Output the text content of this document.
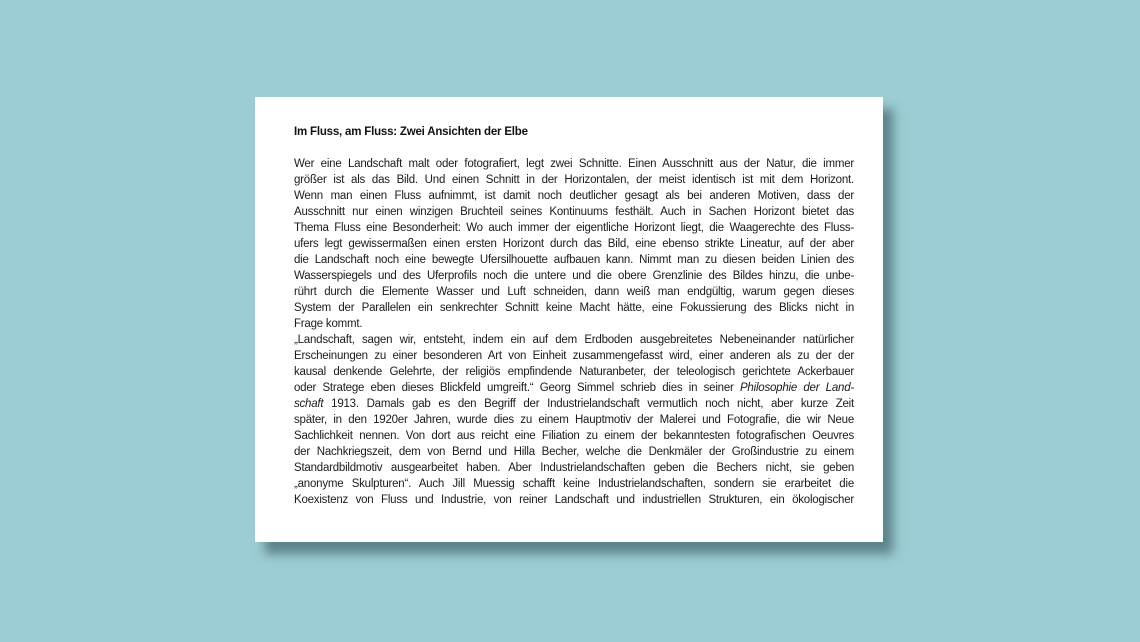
Im Fluss, am Fluss: Zwei Ansichten der Elbe
Wer eine Landschaft malt oder fotografiert, legt zwei Schnitte. Einen Ausschnitt aus der Natur, die immer
größer ist als das Bild. Und einen Schnitt in der Horizontalen, der meist identisch ist mit dem Horizont.
Wenn man einen Fluss aufnimmt, ist damit noch deutlicher gesagt als bei anderen Motiven, dass der
Ausschnitt nur einen winzigen Bruchteil seines Kontinuums festhält. Auch in Sachen Horizont bietet das
Thema Fluss eine Besonderheit: Wo auch immer der eigentliche Horizont liegt, die Waagerechte des Fluss-
ufers legt gewissermaßen einen ersten Horizont durch das Bild, eine ebenso strikte Lineatur, auf der aber
die Landschaft noch eine bewegte Ufersilhouette aufbauen kann. Nimmt man zu diesen beiden Linien des
Wasserspiegels und des Uferprofils noch die untere und die obere Grenzlinie des Bildes hinzu, die unbe-
rührt durch die Elemente Wasser und Luft schneiden, dann weiß man endgültig, warum gegen dieses
System der Parallelen ein senkrechter Schnitt keine Macht hätte, eine Fokussierung des Blicks nicht in
Frage kommt.
„Landschaft, sagen wir, entsteht, indem ein auf dem Erdboden ausgebreitetes Nebeneinander natürlicher
Erscheinungen zu einer besonderen Art von Einheit zusammengefasst wird, einer anderen als zu der der
kausal denkende Gelehrte, der religiös empfindende Naturanbeter, der teleologisch gerichtete Ackerbauer
oder Stratege eben dieses Blickfeld umgreift.“ Georg Simmel schrieb dies in seiner Philosophie der Land-
schaft 1913. Damals gab es den Begriff der Industrielandschaft vermutlich noch nicht, aber kurze Zeit
später, in den 1920er Jahren, wurde dies zu einem Hauptmotiv der Malerei und Fotografie, die wir Neue
Sachlichkeit nennen. Von dort aus reicht eine Filiation zu einem der bekanntesten fotografischen Oeuvres
der Nachkriegszeit, dem von Bernd und Hilla Becher, welche die Denkmäler der Großindustrie zu einem
Standardbildmotiv ausgearbeitet haben. Aber Industrielandschaften geben die Bechers nicht, sie geben
„anonyme Skulpturen“. Auch Jill Muessig schafft keine Industrielandschaften, sondern sie erarbeitet die
Koexistenz von Fluss und Industrie, von reiner Landschaft und industriellen Strukturen, ein ökologischer
